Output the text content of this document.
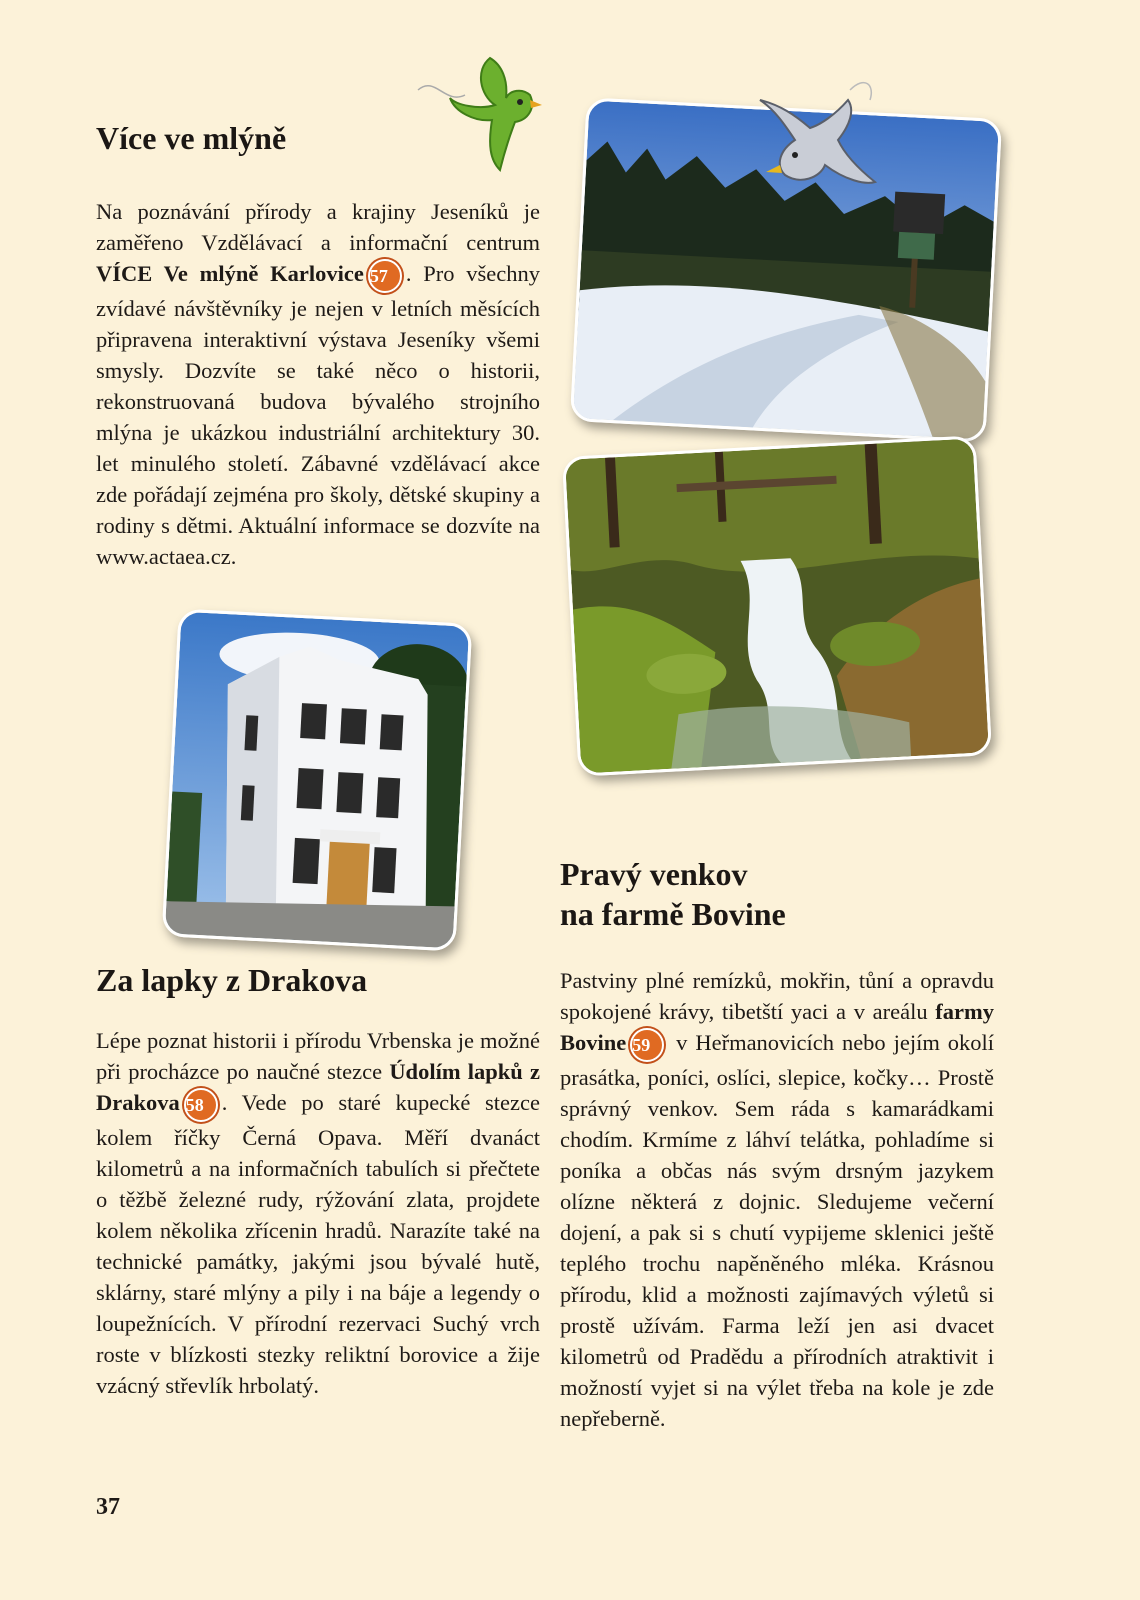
Více ve mlýně
Na poznávání přírody a krajiny Jeseníků je zaměřeno Vzdělávací a informační centrum VÍCE Ve mlýně Karlovice 57 . Pro všechny zvídavé návštěvníky je nejen v letních měsících připravena interaktivní výstava Jeseníky všemi smysly. Dozvíte se také něco o historii, rekonstruovaná budova bývalého strojního mlýna je ukázkou industriální architektury 30. let minulého století. Zábavné vzdělávací akce zde pořádají zejména pro školy, dětské skupiny a rodiny s dětmi. Aktuální informace se dozvíte na www.actaea.cz.
Pravý venkov
na farmě Bovine
Za lapky z Drakova
Lépe poznat historii i přírodu Vrbenska je možné při procházce po naučné stezce Údolím lapků z Drakova 58 . Vede po staré kupecké stezce kolem říčky Černá Opava. Měří dvanáct kilometrů a na informačních tabulích si přečtete o těžbě železné rudy, rýžování zlata, projdete kolem několika zřícenin hradů. Narazíte také na technické památky, jakými jsou bývalé hutě, sklárny, staré mlýny a pily i na báje a legendy o loupežnících. V přírodní rezervaci Suchý vrch roste v blízkosti stezky reliktní borovice a žije vzácný střevlík hrbolatý.
Pastviny plné remízků, mokřin, tůní a opravdu spokojené krávy, tibetští yaci a v areálu farmy Bovine 59 v Heřmanovicích nebo jejím okolí prasátka, poníci, oslíci, slepice, kočky… Prostě správný venkov. Sem ráda s kamarádkami chodím. Krmíme z láhví telátka, pohladíme si poníka a občas nás svým drsným jazykem olízne některá z dojnic. Sledujeme večerní dojení, a pak si s chutí vypijeme sklenici ještě teplého trochu napěněného mléka. Krásnou přírodu, klid a možnosti zajímavých výletů si prostě užívám. Farma leží jen asi dvacet kilometrů od Pradědu a přírodních atraktivit i možností vyjet si na výlet třeba na kole je zde nepřeberně.
37
